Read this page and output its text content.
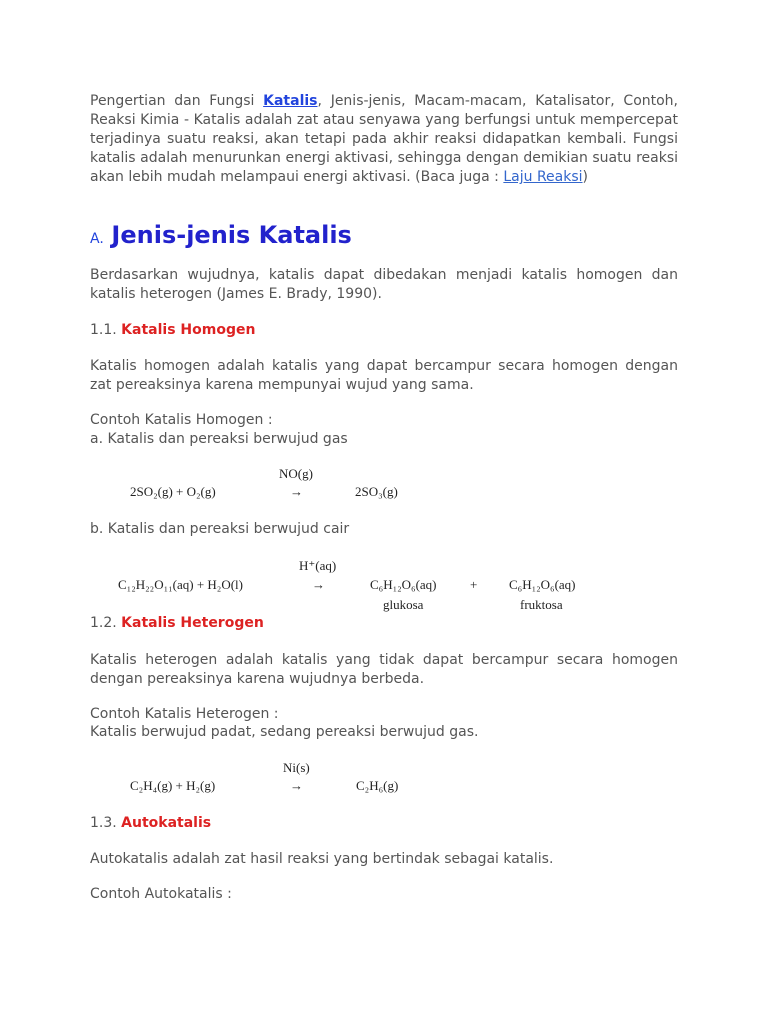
Pengertian dan Fungsi Katalis, Jenis-jenis, Macam-macam, Katalisator, Contoh, Reaksi Kimia - Katalis adalah zat atau senyawa yang berfungsi untuk mempercepat terjadinya suatu reaksi, akan tetapi pada akhir reaksi didapatkan kembali. Fungsi katalis adalah menurunkan energi aktivasi, sehingga dengan demikian suatu reaksi akan lebih mudah melampaui energi aktivasi. (Baca juga : Laju Reaksi)

A. Jenis-jenis Katalis
Berdasarkan wujudnya, katalis dapat dibedakan menjadi katalis homogen dan katalis heterogen (James E. Brady, 1990).
1.1. Katalis Homogen
Katalis homogen adalah katalis yang dapat bercampur secara homogen dengan zat pereaksinya karena mempunyai wujud yang sama.
Contoh Katalis Homogen :
a. Katalis dan pereaksi berwujud gas
NO(g)
2SO₂(g) + O₂(g)	→	2SO₃(g)
b. Katalis dan pereaksi berwujud cair
H⁺(aq)
C₁₂H₂₂O₁₁(aq) + H₂O(l)	→	C₆H₁₂O₆(aq)	+ C₆H₁₂O₆(aq)
glukosa	fruktosa
1.2. Katalis Heterogen
Katalis heterogen adalah katalis yang tidak dapat bercampur secara homogen dengan pereaksinya karena wujudnya berbeda.
Contoh Katalis Heterogen :
Katalis berwujud padat, sedang pereaksi berwujud gas.
Ni(s)
C₂H₄(g) + H₂(g)	→	C₂H₆(g)
1.3. Autokatalis
Autokatalis adalah zat hasil reaksi yang bertindak sebagai katalis.
Contoh Autokatalis :
